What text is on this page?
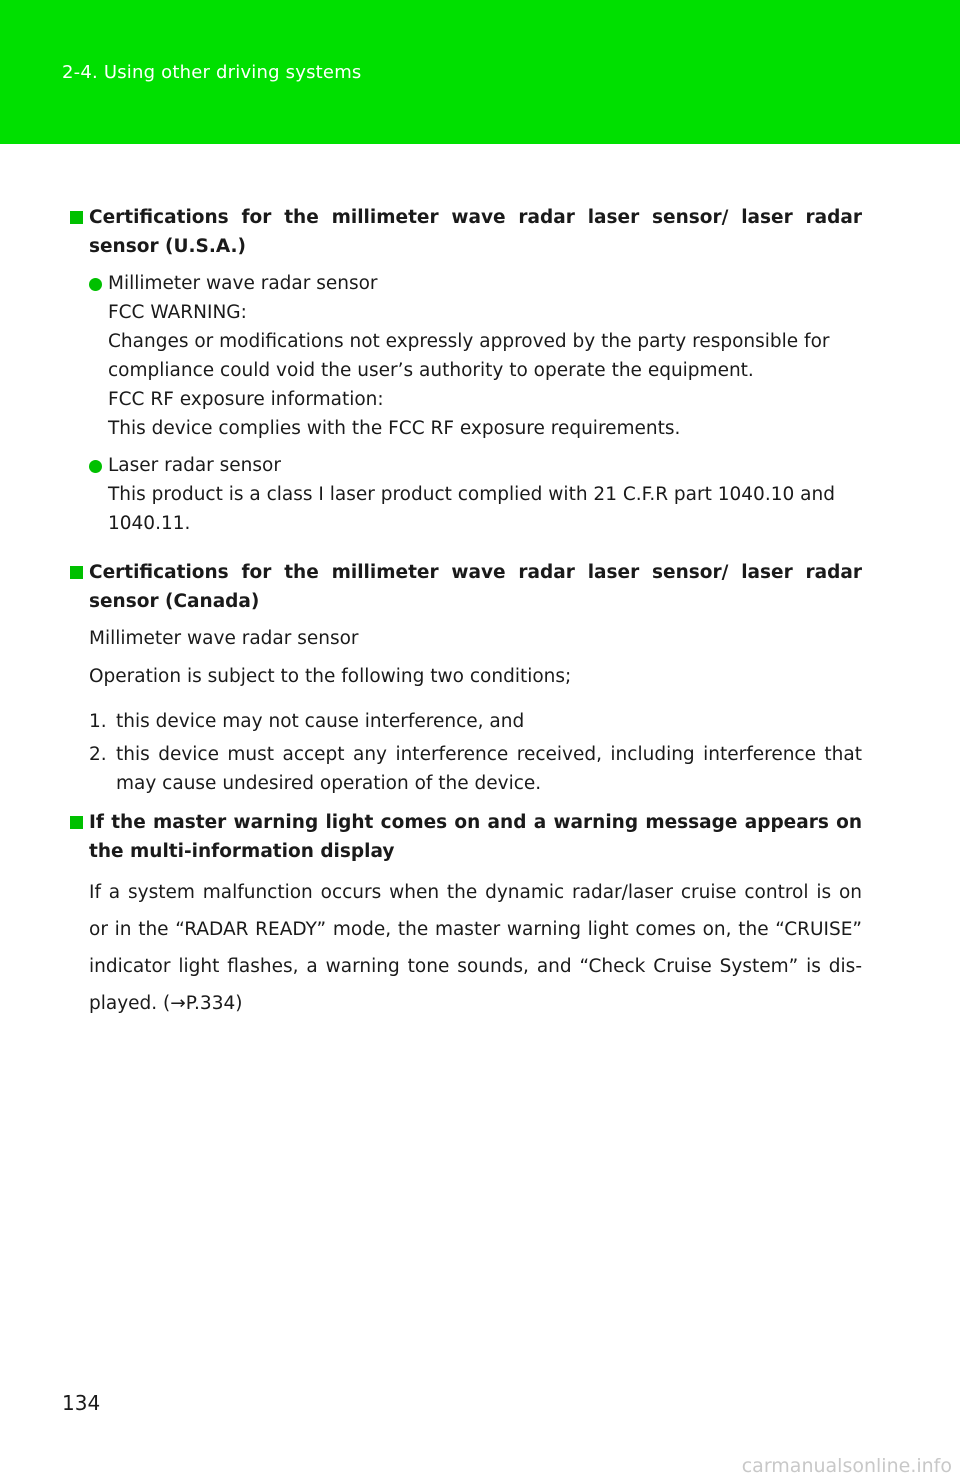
2-4. Using other driving systems
Certifications for the millimeter wave radar laser sensor/ laser radar sensor (U.S.A.)
Millimeter wave radar sensor
FCC WARNING:
Changes or modifications not expressly approved by the party responsible for compliance could void the user’s authority to operate the equipment.
FCC RF exposure information:
This device complies with the FCC RF exposure requirements.
Laser radar sensor
This product is a class I laser product complied with 21 C.F.R part 1040.10 and 1040.11.
Certifications for the millimeter wave radar laser sensor/ laser radar sensor (Canada)
Millimeter wave radar sensor
Operation is subject to the following two conditions;
1. this device may not cause interference, and
2. this device must accept any interference received, including interference that may cause undesired operation of the device.
If the master warning light comes on and a warning message appears on the multi-information display
If a system malfunction occurs when the dynamic radar/laser cruise control is on or in the “RADAR READY” mode, the master warning light comes on, the “CRUISE” indicator light flashes, a warning tone sounds, and “Check Cruise System” is dis-played. (→P.334)
134
carmanualsonline.info
